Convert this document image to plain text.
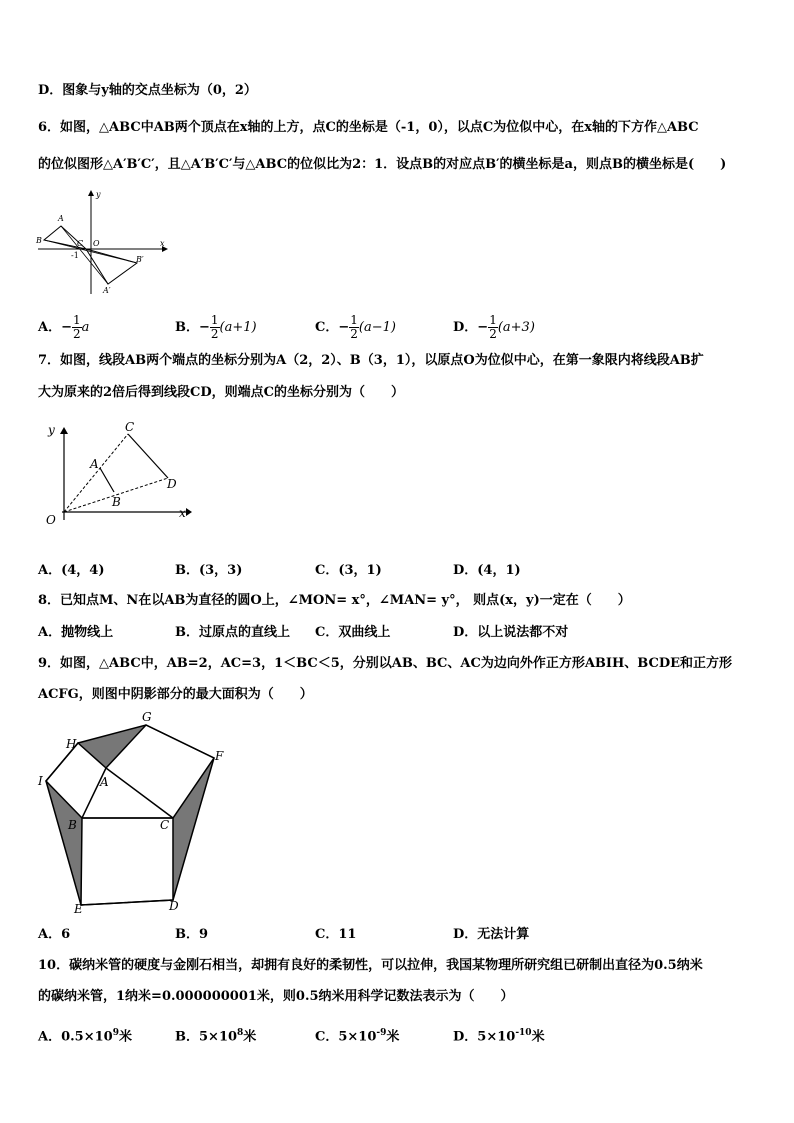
D．图象与y轴的交点坐标为（0，2）
6．如图，△ABC中AB两个顶点在x轴的上方，点C的坐标是（-1，0），以点C为位似中心，在x轴的下方作△ABC
的位似图形△A′B′C′，且△A′B′C′与△ABC的位似比为2：1．设点B的对应点B′的横坐标是a，则点B的横坐标是(　　)
y
x
A
B	C O
-1	B′
A′
A．− $\frac{1}{2}$ a	B．− $\frac{1}{2} (a+1)$	C．− $\frac{1}{2} (a-1)$	D．− $\frac{1}{2} (a+3)$
7．如图，线段AB两个端点的坐标分别为A（2，2）、B（3，1），以原点O为位似中心，在第一象限内将线段AB扩
大为原来的2倍后得到线段CD，则端点C的坐标分别为（　　）
y
x
C
A
B
D
O
A．(4，4)	B．(3，3)	C．(3，1)	D．(4，1)
8．已知点M、N在以AB为直径的圆O上，∠MON= x°，∠MAN= y°， 则点(x，y)一定在（　　）
A．抛物线上	B．过原点的直线上 C．双曲线上	D．以上说法都不对
9．如图，△ABC中，AB=2，AC=3，1＜BC＜5，分别以AB、BC、AC为边向外作正方形ABIH、BCDE和正方形
ACFG，则图中阴影部分的最大面积为（　　）
G
H
F
I	A
B	C
E	D
A．6	B．9	C．11	D．无法计算
10．碳纳米管的硬度与金刚石相当，却拥有良好的柔韧性，可以拉伸，我国某物理所研究组已研制出直径为0.5纳米
的碳纳米管，1纳米=0.000000001米，则0.5纳米用科学记数法表示为（　　）
A．$0.5\times 10^9$米	B．$5\times 10^8$米	C．$5\times 10^{-9}$米	D．$5\times 10^{-10}$米
